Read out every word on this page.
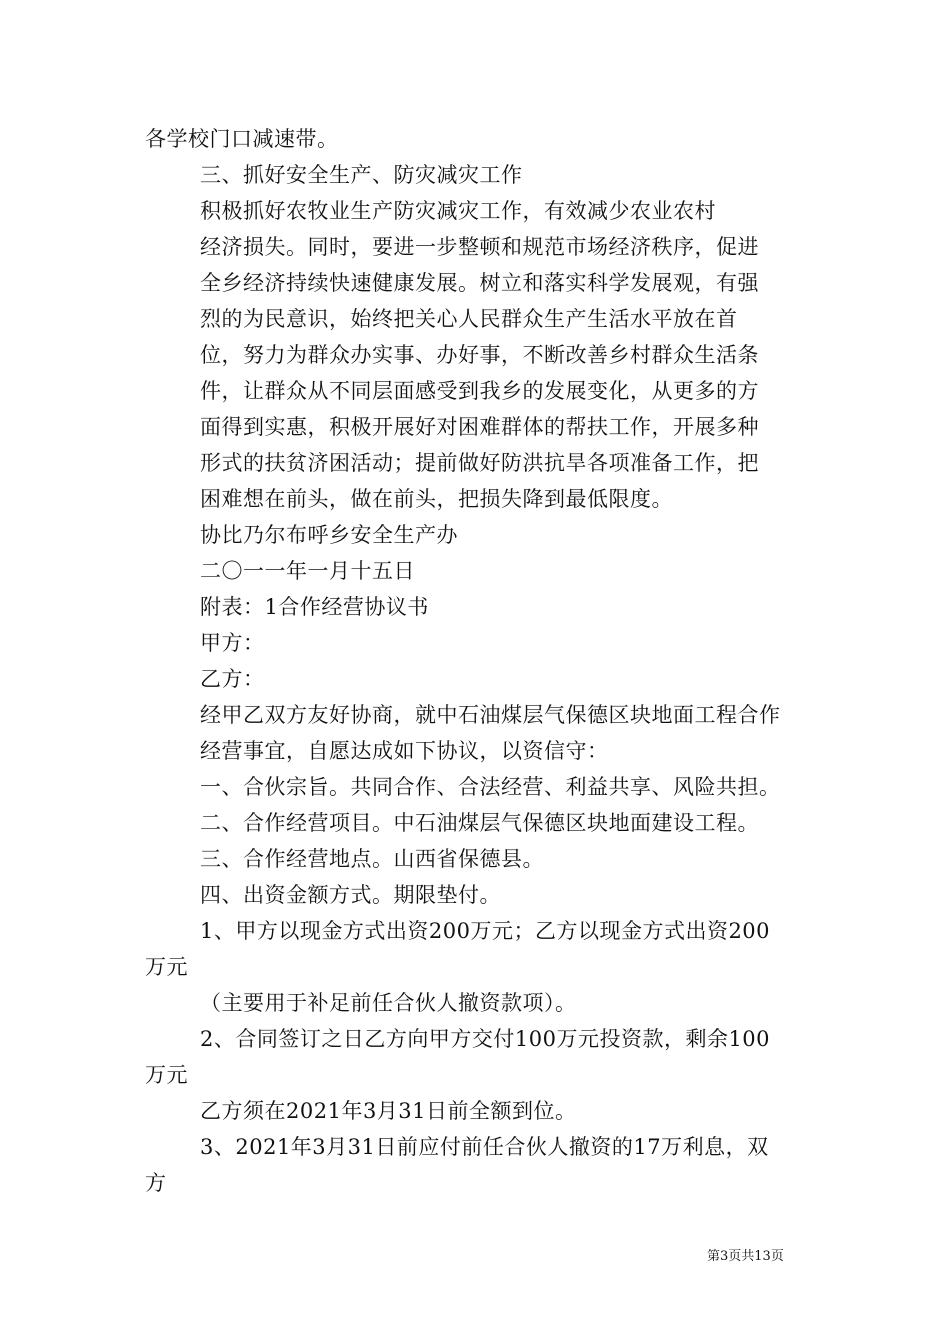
各学校门口减速带。
三、抓好安全生产、防灾减灾工作
积极抓好农牧业生产防灾减灾工作，有效减少农业农村
经济损失。同时，要进一步整顿和规范市场经济秩序，促进
全乡经济持续快速健康发展。树立和落实科学发展观，有强
烈的为民意识，始终把关心人民群众生产生活水平放在首
位，努力为群众办实事、办好事，不断改善乡村群众生活条
件，让群众从不同层面感受到我乡的发展变化，从更多的方
面得到实惠，积极开展好对困难群体的帮扶工作，开展多种
形式的扶贫济困活动；提前做好防洪抗旱各项准备工作，把
困难想在前头，做在前头，把损失降到最低限度。
协比乃尔布呼乡安全生产办
二〇一一年一月十五日
附表：1合作经营协议书
甲方：
乙方：
经甲乙双方友好协商，就中石油煤层气保德区块地面工程合作
经营事宜，自愿达成如下协议，以资信守：
一、合伙宗旨。共同合作、合法经营、利益共享、风险共担。
二、合作经营项目。中石油煤层气保德区块地面建设工程。
三、合作经营地点。山西省保德县。
四、出资金额方式。期限垫付。
1、甲方以现金方式出资200万元；乙方以现金方式出资200
万元
（主要用于补足前任合伙人撤资款项）。
2、合同签订之日乙方向甲方交付100万元投资款，剩余100
万元
乙方须在2021年3月31日前全额到位。
3、2021年3月31日前应付前任合伙人撤资的17万利息，双
方
第3页共13页
